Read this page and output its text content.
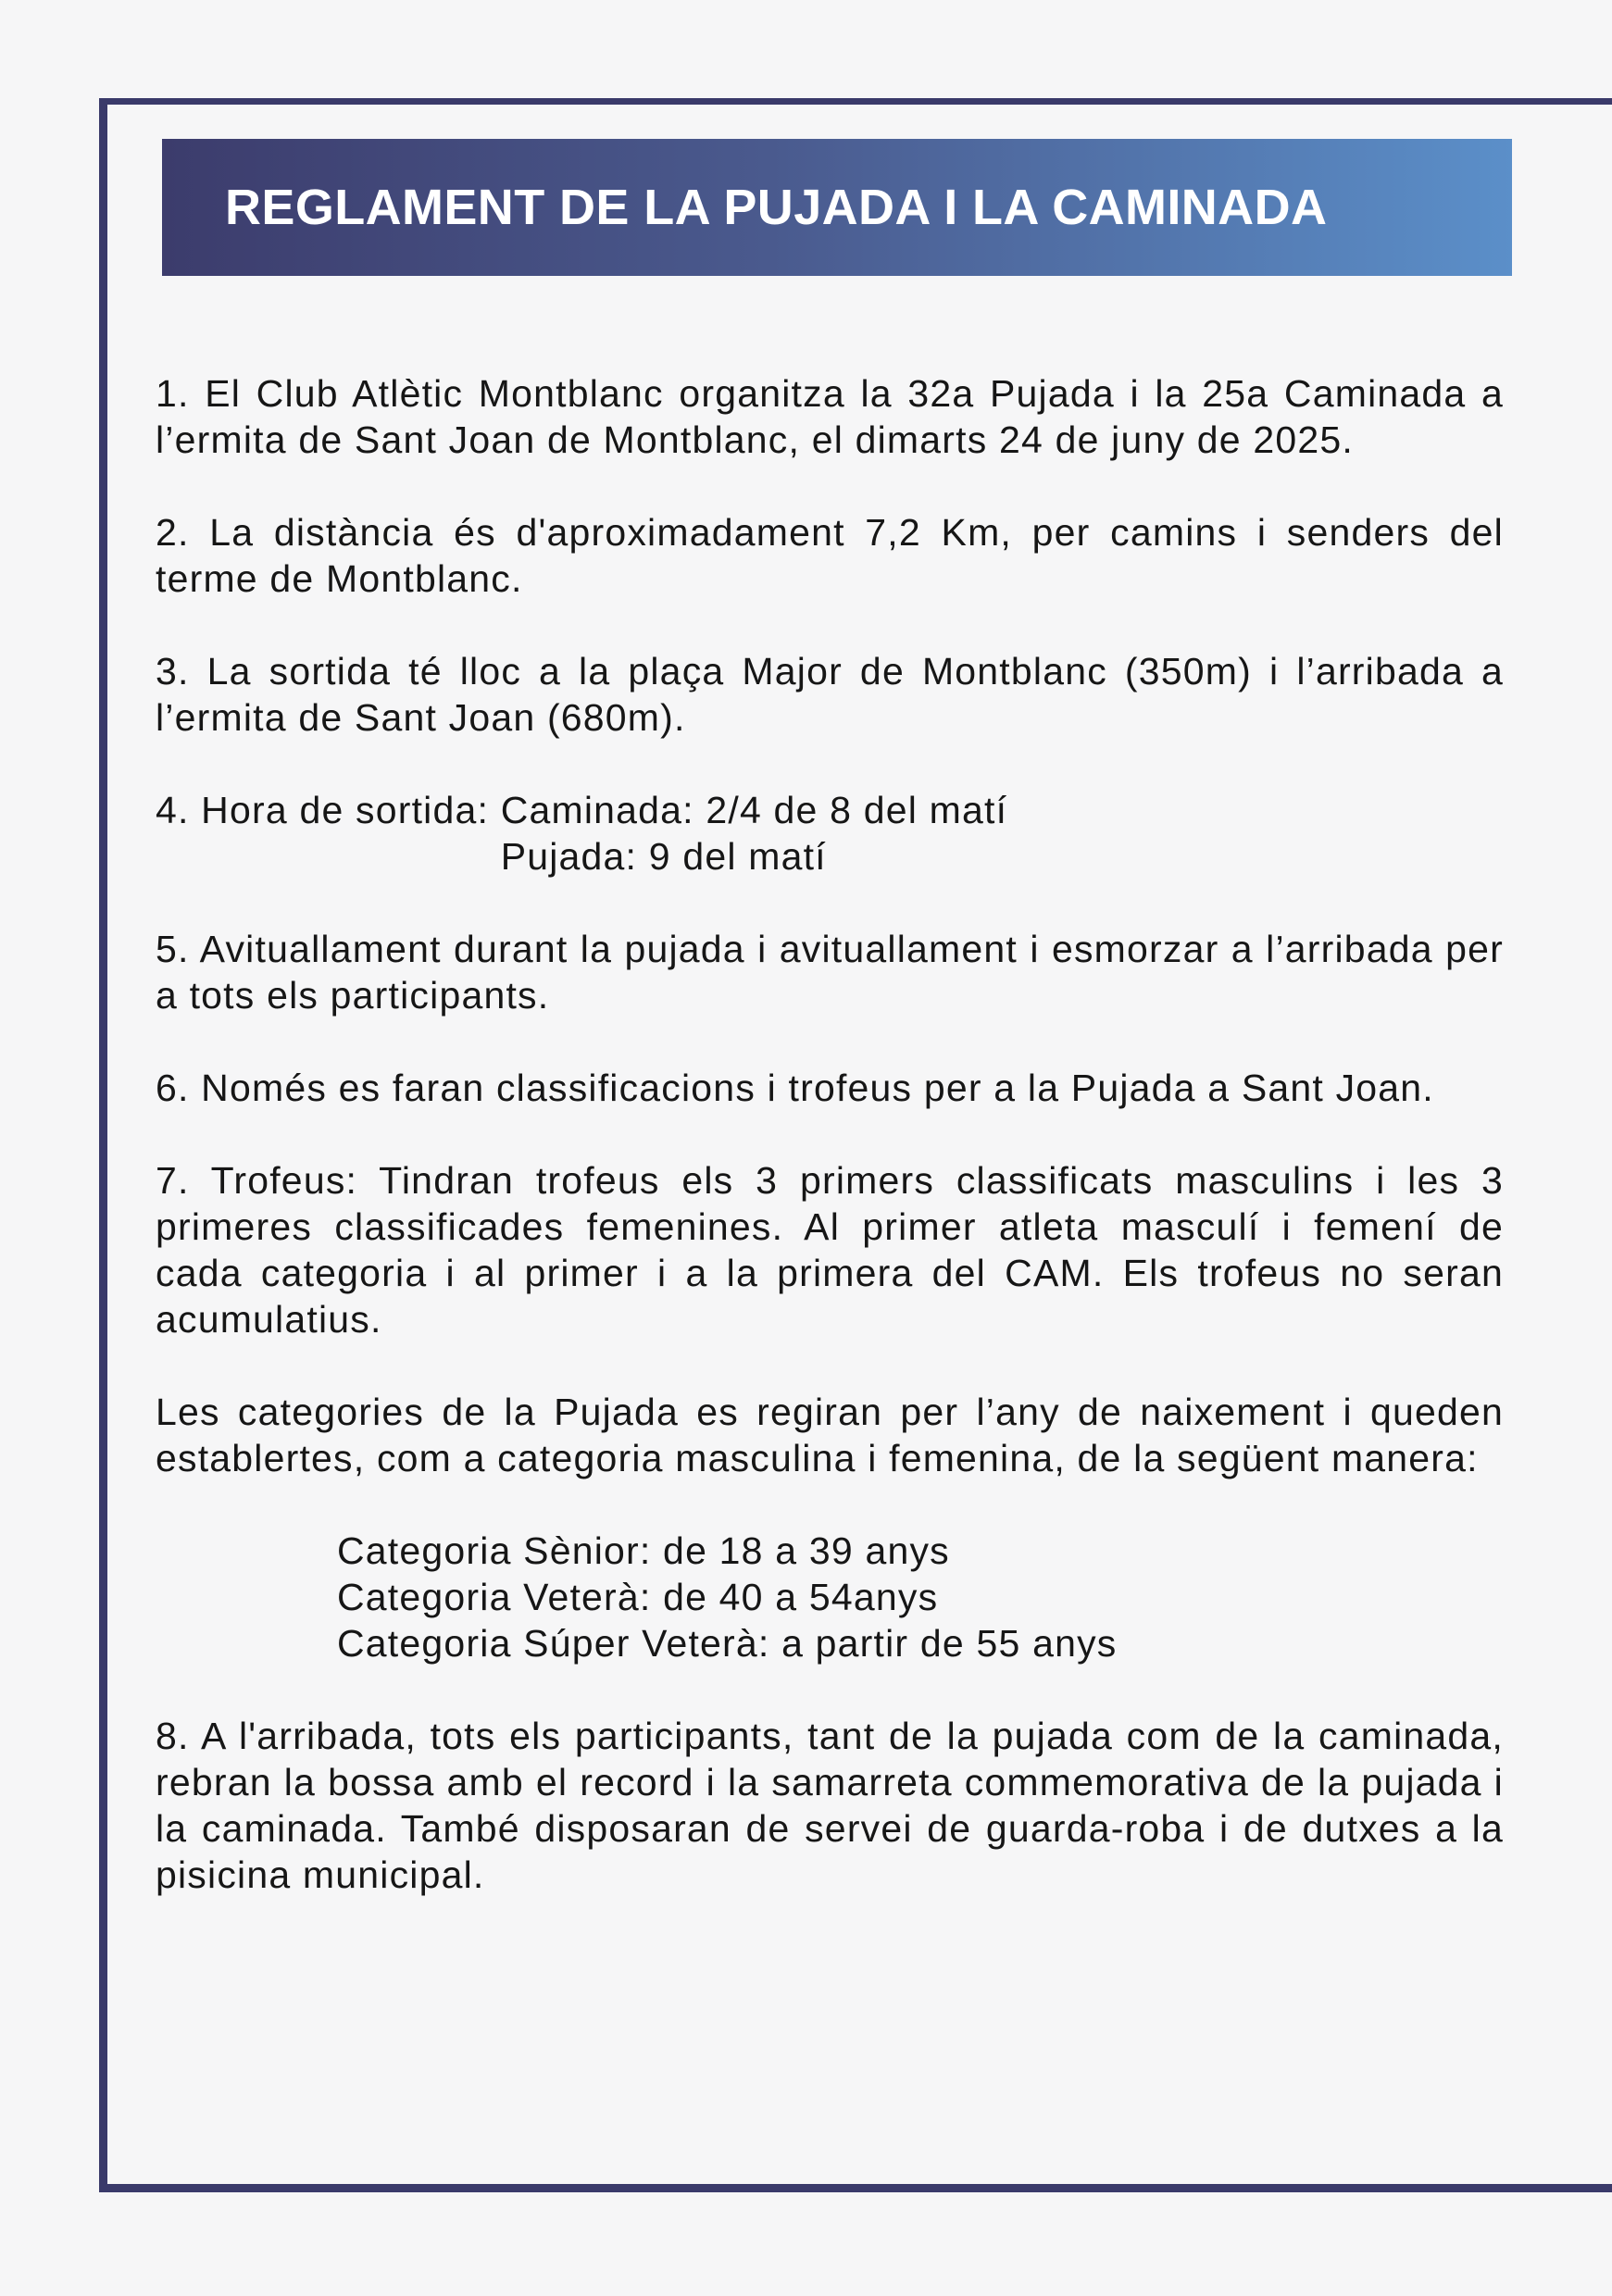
REGLAMENT DE LA PUJADA I LA CAMINADA

1. El Club Atlètic Montblanc organitza la 32a Pujada i la 25a Caminada a l’ermita de Sant Joan de Montblanc, el dimarts 24 de juny de 2025.

2. La distància és d'aproximadament 7,2 Km, per camins i senders del terme de Montblanc.

3. La sortida té lloc a la plaça Major de Montblanc (350m) i l’arribada a l’ermita de Sant Joan (680m).

4. Hora de sortida: Caminada: 2/4 de 8 del matí
Pujada: 9 del matí

5. Avituallament durant la pujada i avituallament i esmorzar a l’arribada per a tots els participants.

6. Només es faran classificacions i trofeus per a la Pujada a Sant Joan.

7. Trofeus: Tindran trofeus els 3 primers classificats masculins i les 3 primeres classificades femenines. Al primer atleta masculí i femení de cada categoria i al primer i a la primera del CAM. Els trofeus no seran acumulatius.

Les categories de la Pujada es regiran per l’any de naixement i queden establertes, com a categoria masculina i femenina, de la següent manera:

Categoria Sènior: de 18 a 39 anys
Categoria Veterà: de 40 a 54anys
Categoria Súper Veterà: a partir de 55 anys

8. A l'arribada, tots els participants, tant de la pujada com de la caminada, rebran la bossa amb el record i la samarreta commemorativa de la pujada i la caminada. També disposaran de servei de guarda-roba i de dutxes a la pisicina municipal.
